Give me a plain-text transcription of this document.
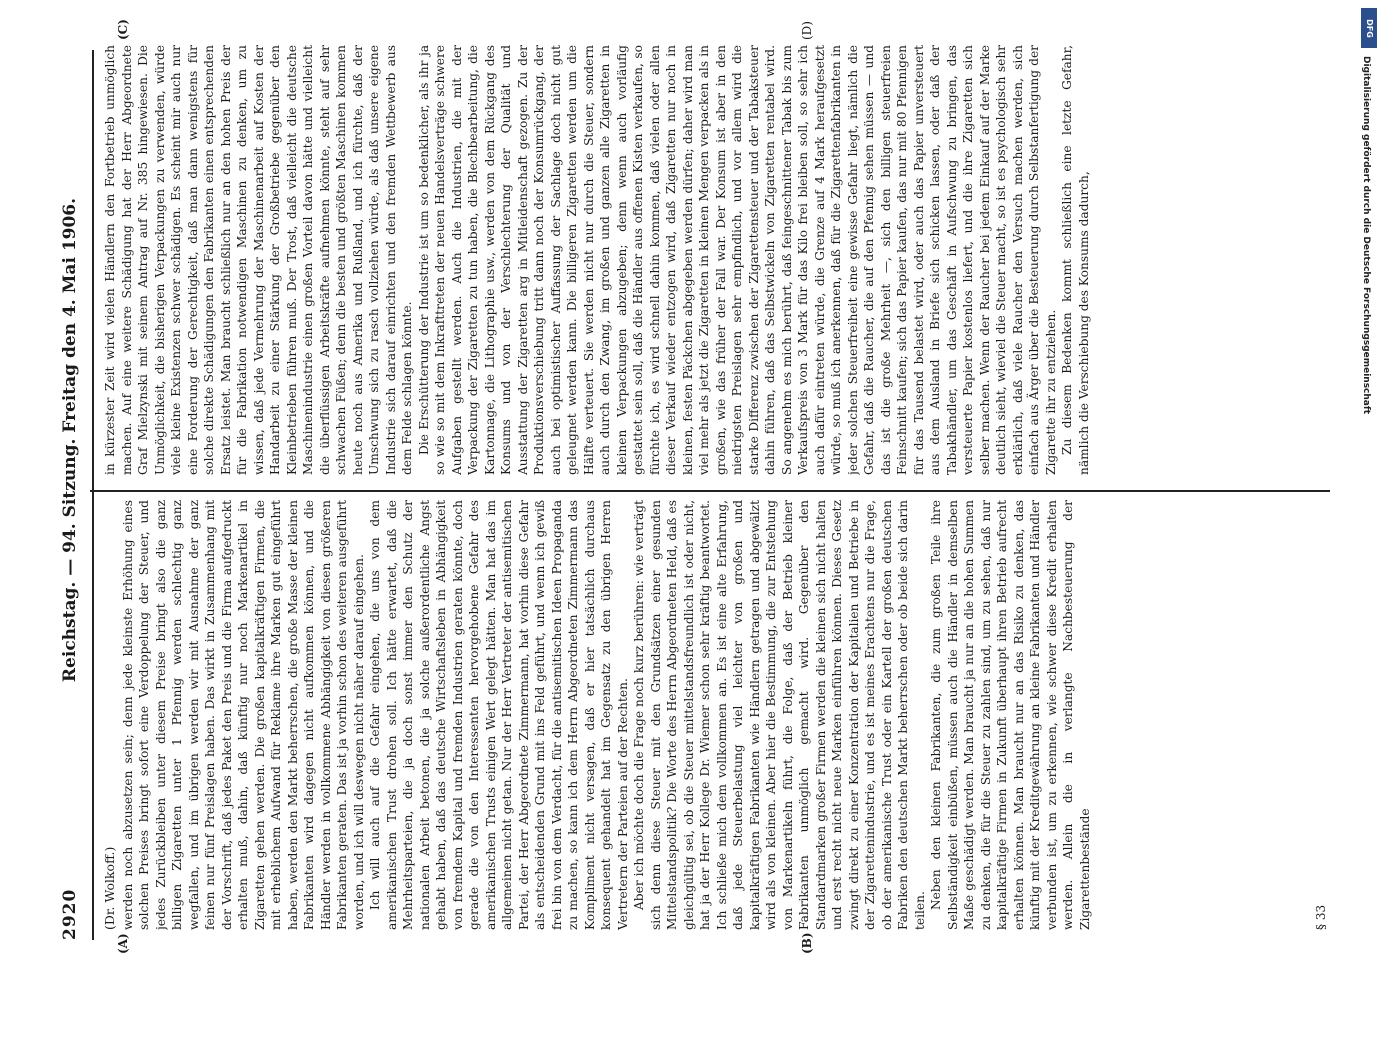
2920
Reichstag. — 94. Sitzung. Freitag den 4. Mai 1906.
(A)	(B)
(C)	(D)

(Dr. Wolkoff.) werden noch abzusetzen sein; denn jede kleinste Erhöhung eines solchen Preises bringt sofort eine Verdoppelung der Steuer, und jedes Zurückbleiben unter diesem Preise bringt also die ganz billigen Zigaretten unter 1 Pfennig werden schlechtig ganz wegfallen, und im übrigen werden wir mit Ausnahme der ganz feinen nur fünf Preislagen haben. Das wirkt in Zusammenhang mit der Vorschrift, daß jedes Paket den Preis und die Firma aufgedruckt erhalten muß, dahin, daß künftig nur noch Markenartikel in Zigaretten gehen werden. Die großen kapitalkräftigen Firmen, die mit erheblichem Aufwand für Reklame ihre Marken gut eingeführt haben, werden den Markt beherrschen, die große Masse der kleinen Fabrikanten wird dagegen nicht aufkommen können, und die Händler werden in vollkommene Abhängigkeit von diesen größeren Fabrikanten geraten. Das ist ja vorhin schon des weiteren ausgeführt worden, und ich will deswegen nicht näher darauf eingehen. Ich will auch auf die Gefahr eingehen, die uns von dem amerikanischen Trust drohen soll. Ich hätte erwartet, daß die Mehrheitsparteien, die ja doch sonst immer den Schutz der nationalen Arbeit betonen, die ja solche außerordentliche Angst gehabt haben, daß das deutsche Wirtschaftsleben in Abhängigkeit von fremdem Kapital und fremden Industrien geraten könnte, doch gerade die von den Interessenten hervorgehobene Gefahr des amerikanischen Trusts einigen Wert gelegt hätten. Man hat das im allgemeinen nicht getan. Nur der Herr Vertreter der antisemitischen Partei, der Herr Abgeordnete Zimmermann, hat vorhin diese Gefahr als entscheidenden Grund mit ins Feld geführt, und wenn ich gewiß frei bin von dem Verdacht, für die antisemitischen Ideen Propaganda zu machen, so kann ich dem Herrn Abgeordneten Zimmermann das Kompliment nicht versagen, daß er hier tatsächlich durchaus konsequent gehandelt hat im Gegensatz zu den übrigen Herren Vertretern der Parteien auf der Rechten. Aber ich möchte doch die Frage noch kurz berühren: wie verträgt sich denn diese Steuer mit den Grundsätzen einer gesunden Mittelstandspolitik? Die Worte des Herrn Abgeordneten Held, daß es gleichgültig sei, ob die Steuer mittelstandsfreundlich ist oder nicht, hat ja der Herr Kollege Dr. Wiemer schon sehr kräftig beantwortet. Ich schließe mich dem vollkommen an. Es ist eine alte Erfahrung, daß jede Steuerbelastung viel leichter von großen und kapitalkräftigen Fabrikanten wie Händlern getragen und abgewälzt wird als von kleinen. Aber hier die Bestimmung, die zur Entstehung von Markenartikeln führt, die Folge, daß der Betrieb kleiner Fabrikanten unmöglich gemacht wird. Gegenüber den Standardmarken großer Firmen werden die kleinen sich nicht halten und erst recht nicht neue Marken einführen können. Dieses Gesetz zwingt direkt zu einer Konzentration der Kapitalien und Betriebe in der Zigarettenindustrie, und es ist meines Erachtens nur die Frage, ob der amerikanische Trust oder ein Kartell der großen deutschen Fabriken den deutschen Markt beherrschen oder ob beide sich darin teilen.

Neben den kleinen Fabrikanten, die zum großen Teile ihre Selbständigkeit einbüßen, müssen auch die Händler in demselben Maße geschädigt werden. Man braucht ja nur an die hohen Summen zu denken, die für die Steuer zu zahlen sind, um zu sehen, daß nur kapitalkräftige Firmen in Zukunft überhaupt ihren Betrieb aufrecht erhalten können. Man braucht nur an das Risiko zu denken, das künftig mit der Kreditgewährung an kleine Fabrikanten und Händler verbunden ist, um zu erkennen, wie schwer diese Kredit erhalten werden. Allein die in verlangte Nachbesteuerung der Zigarettenbestände

in kürzester Zeit wird vielen Händlern den Fortbetrieb unmöglich machen. Auf eine weitere Schädigung hat der Herr Abgeordnete Graf Mielzynski mit seinem Antrag auf Nr. 385 hingewiesen. Die Unmöglichkeit, die bisherigen Verpackungen zu verwenden, würde viele kleine Existenzen schwer schädigen. Es scheint mir auch nur eine Forderung der Gerechtigkeit, daß man dann wenigstens für solche direkte Schädigungen den Fabrikanten einen entsprechenden Ersatz leistet. Man braucht schließlich nur an den hohen Preis der für die Fabrikation notwendigen Maschinen zu denken, um zu wissen, daß jede Vermehrung der Maschinenarbeit auf Kosten der Handarbeit zu einer Stärkung der Großbetriebe gegenüber den Kleinbetrieben führen muß. Der Trost, daß vielleicht die deutsche Maschinenindustrie einen großen Vorteil davon hätte und vielleicht die überflüssigen Arbeitskräfte aufnehmen könnte, steht auf sehr schwachen Füßen; denn die besten und größten Maschinen kommen heute noch aus Amerika und Rußland, und ich fürchte, daß der Umschwung sich zu rasch vollziehen würde, als daß unsere eigene Industrie sich darauf einrichten und den fremden Wettbewerb aus dem Felde schlagen könnte. Die Erschütterung der Industrie ist um so bedenklicher, als ihr ja so wie so mit dem Inkrafttreten der neuen Handelsverträge schwere Aufgaben gestellt werden. Auch die Industrien, die mit der Verpackung der Zigaretten zu tun haben, die Blechbearbeitung, die Kartonnage, die Lithographie usw., werden von dem Rückgang des Konsums und von der Verschlechterung der Qualität und Ausstattung der Zigaretten arg in Mitleidenschaft gezogen. Zu der Produktionsverschiebung tritt dann noch der Konsumrückgang, der auch bei optimistischer Auffassung der Sachlage doch nicht gut geleugnet werden kann. Die billigeren Zigaretten werden um die Hälfte verteuert. Sie werden nicht nur durch die Steuer, sondern auch durch den Zwang, im großen und ganzen alle Zigaretten in kleinen Verpackungen abzugeben; denn wenn auch vorläufig gestattet sein soll, daß die Händler aus offenen Kisten verkaufen, so fürchte ich, es wird schnell dahin kommen, daß vielen oder allen dieser Verkauf wieder entzogen wird, daß Zigaretten nur noch in kleinen, festen Päckchen abgegeben werden dürfen; daher wird man viel mehr als jetzt die Zigaretten in kleinen Mengen verpacken als in großen, wie das früher der Fall war. Der Konsum ist aber in den niedrigsten Preislagen sehr empfindlich, und vor allem wird die starke Differenz zwischen der Zigarettensteuer und der Tabaksteuer dahin führen, daß das Selbstwickeln von Zigaretten rentabel wird. So angenehm es mich berührt, daß feingeschnittener Tabak bis zum Verkaufspreis von 3 Mark für das Kilo frei bleiben soll, so sehr ich auch dafür eintreten würde, die Grenze auf 4 Mark heraufgesetzt würde, so muß ich anerkennen, daß für die Zigarettenfabrikanten in jeder solchen Steuerfreiheit eine gewisse Gefahr liegt, nämlich die Gefahr, daß die Raucher, die auf den Pfennig sehen müssen — und das ist die große Mehrheit —, sich den billigen steuerfreien Feinschnitt kaufen; sich das Papier kaufen, das nur mit 80 Pfennigen für das Tausend belastet wird, oder auch das Papier unversteuert aus dem Ausland in Briefe sich schicken lassen, oder daß der Tabakhändler, um das Geschäft in Aufschwung zu bringen, das versteuerte Papier kostenlos liefert, und die ihre Zigaretten sich selber machen. Wenn der Raucher bei jedem Einkauf auf der Marke deutlich sieht, wieviel die Steuer macht, so ist es psychologisch sehr erklärlich, daß viele Raucher den Versuch machen werden, sich einfach aus Ärger über die Besteuerung durch Selbstanfertigung der Zigarette ihr zu entziehen. Zu diesem Bedenken kommt schließlich eine letzte Gefahr, nämlich die Verschiebung des Konsums dadurch,

§ 33
DFG
Digitalisierung gefördert durch die Deutsche Forschungsgemeinschaft
